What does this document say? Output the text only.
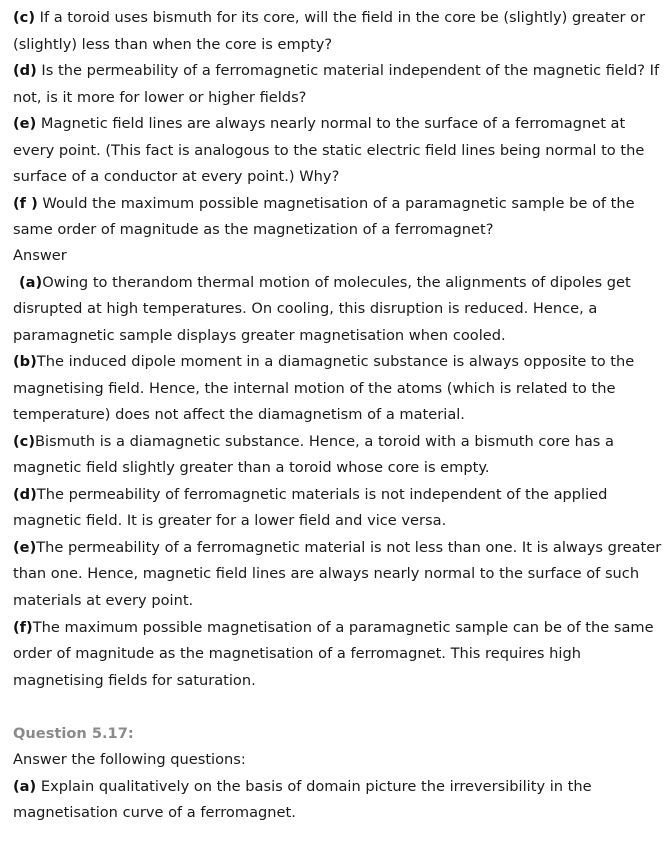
(c) If a toroid uses bismuth for its core, will the field in the core be (slightly) greater or
(slightly) less than when the core is empty?
(d) Is the permeability of a ferromagnetic material independent of the magnetic field? If
not, is it more for lower or higher fields?
(e) Magnetic field lines are always nearly normal to the surface of a ferromagnet at
every point. (This fact is analogous to the static electric field lines being normal to the
surface of a conductor at every point.) Why?
(f ) Would the maximum possible magnetisation of a paramagnetic sample be of the
same order of magnitude as the magnetization of a ferromagnet?
Answer
(a)Owing to therandom thermal motion of molecules, the alignments of dipoles get
disrupted at high temperatures. On cooling, this disruption is reduced. Hence, a
paramagnetic sample displays greater magnetisation when cooled.
(b)The induced dipole moment in a diamagnetic substance is always opposite to the
magnetising field. Hence, the internal motion of the atoms (which is related to the
temperature) does not affect the diamagnetism of a material.
(c)Bismuth is a diamagnetic substance. Hence, a toroid with a bismuth core has a
magnetic field slightly greater than a toroid whose core is empty.
(d)The permeability of ferromagnetic materials is not independent of the applied
magnetic field. It is greater for a lower field and vice versa.
(e)The permeability of a ferromagnetic material is not less than one. It is always greater
than one. Hence, magnetic field lines are always nearly normal to the surface of such
materials at every point.
(f)The maximum possible magnetisation of a paramagnetic sample can be of the same
order of magnitude as the magnetisation of a ferromagnet. This requires high
magnetising fields for saturation.
Question 5.17:
Answer the following questions:
(a) Explain qualitatively on the basis of domain picture the irreversibility in the
magnetisation curve of a ferromagnet.
